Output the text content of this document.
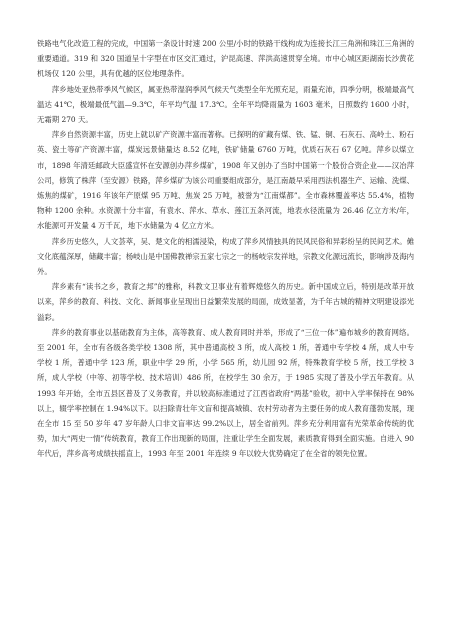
铁路电气化改造工程的完成，中国第一条设计时速 200 公里/小时的铁路干线构成为连接长江三角洲和珠江三角洲的重要通道。319 和 320 国道呈十字型在市区交汇通过，沪昆高速、萍洪高速贯穿全境。市中心城区距湖南长沙黄花机场仅 120 公里，具有优越的区位地理条件。

萍乡地处亚热带季风气候区，属亚热带湿润季风气候天气类型全年光照充足，雨量充沛，四季分明，极端最高气温达 41℃，极端最低气温—9.3℃，年平均气温 17.3℃。全年平均降雨量为 1603 毫米，日照数约 1600 小时，无霜期 270 天。

萍乡自然资源丰富，历史上就以矿产资源丰富而著称。已探明的矿藏有煤、铁、锰、铜、石灰石、高岭土、粉石英、瓷土等矿产资源丰富，煤炭远景储量达 8.52 亿吨，铁矿储量 6760 万吨，优质石灰石 67 亿吨。萍乡以煤立市，1898 年清廷邮政大臣盛宣怀在安源创办萍乡煤矿，1908 年又创办了当时中国第一个股份合资企业——汉冶萍公司，修筑了株萍（至安源）铁路，萍乡煤矿为该公司重要组成部分，是江南最早采用西法机器生产、运输、洗煤、炼焦的煤矿，1916 年该年产原煤 95 万吨、焦炭 25 万吨，被誉为“江南煤都”。全市森林覆盖率达 55.4%，植物物种 1200 余种。水资源十分丰富，有袁水、萍水、草水、莲江五条河流，地表水径流量为 26.46 亿立方米/年，水能源可开发量 4 万千瓦，地下水储量为 4 亿立方米。

萍乡历史悠久，人文荟萃，吴、楚文化的相濡浸染，构成了萍乡风情独具的民风民俗和异彩纷呈的民间艺术。傩文化底蕴深厚，储藏丰富；杨岐山是中国佛教禅宗五家七宗之一的杨岐宗发祥地，宗教文化源远流长，影响涉及海内外。

萍乡素有“读书之乡，教育之邦”的雅称，科教文卫事业有着辉煌悠久的历史。新中国成立后，特别是改革开放以来，萍乡的教育、科技、文化、新闻事业呈现出日益繁荣发展的局面，成效显著，为千年古城的精神文明建设添光溢彩。

萍乡的教育事业以基础教育为主体，高等教育、成人教育同时并举，形成了“三位一体”遍布城乡的教育网络。至 2001 年，全市有各级各类学校 1308 所，其中普通高校 3 所，成人高校 1 所，普通中专学校 4 所，成人中专学校 1 所，普通中学 123 所，职业中学 29 所，小学 565 所，幼儿园 92 所，特殊教育学校 5 所，技工学校 3 所，成人学校（中等、初等学校、技术培训）486 所，在校学生 30 余万，于 1985 实现了普及小学五年教育。从 1993 年开始，全市五县区普及了义务教育，并以较高标准通过了江西省政府“两基”验收，初中入学率保持在 98%以上，辍学率控制在 1.94%以下。以扫除青壮年文盲和提高城镇、农村劳动者为主要任务的成人教育蓬勃发展，现在全市 15 至 50 岁年 47 岁年龄人口非文盲率达 99.2%以上，居全省前列。萍乡充分利用富有光荣革命传统的优势，加大“两史一情”传统教育，教育工作出现新的局面，注重让学生全面发展，素质教育得到全面实施。自进入 90 年代后，萍乡高考成绩扶摇直上，1993 年至 2001 年连续 9 年以较大优势确定了在全省的领先位置。
